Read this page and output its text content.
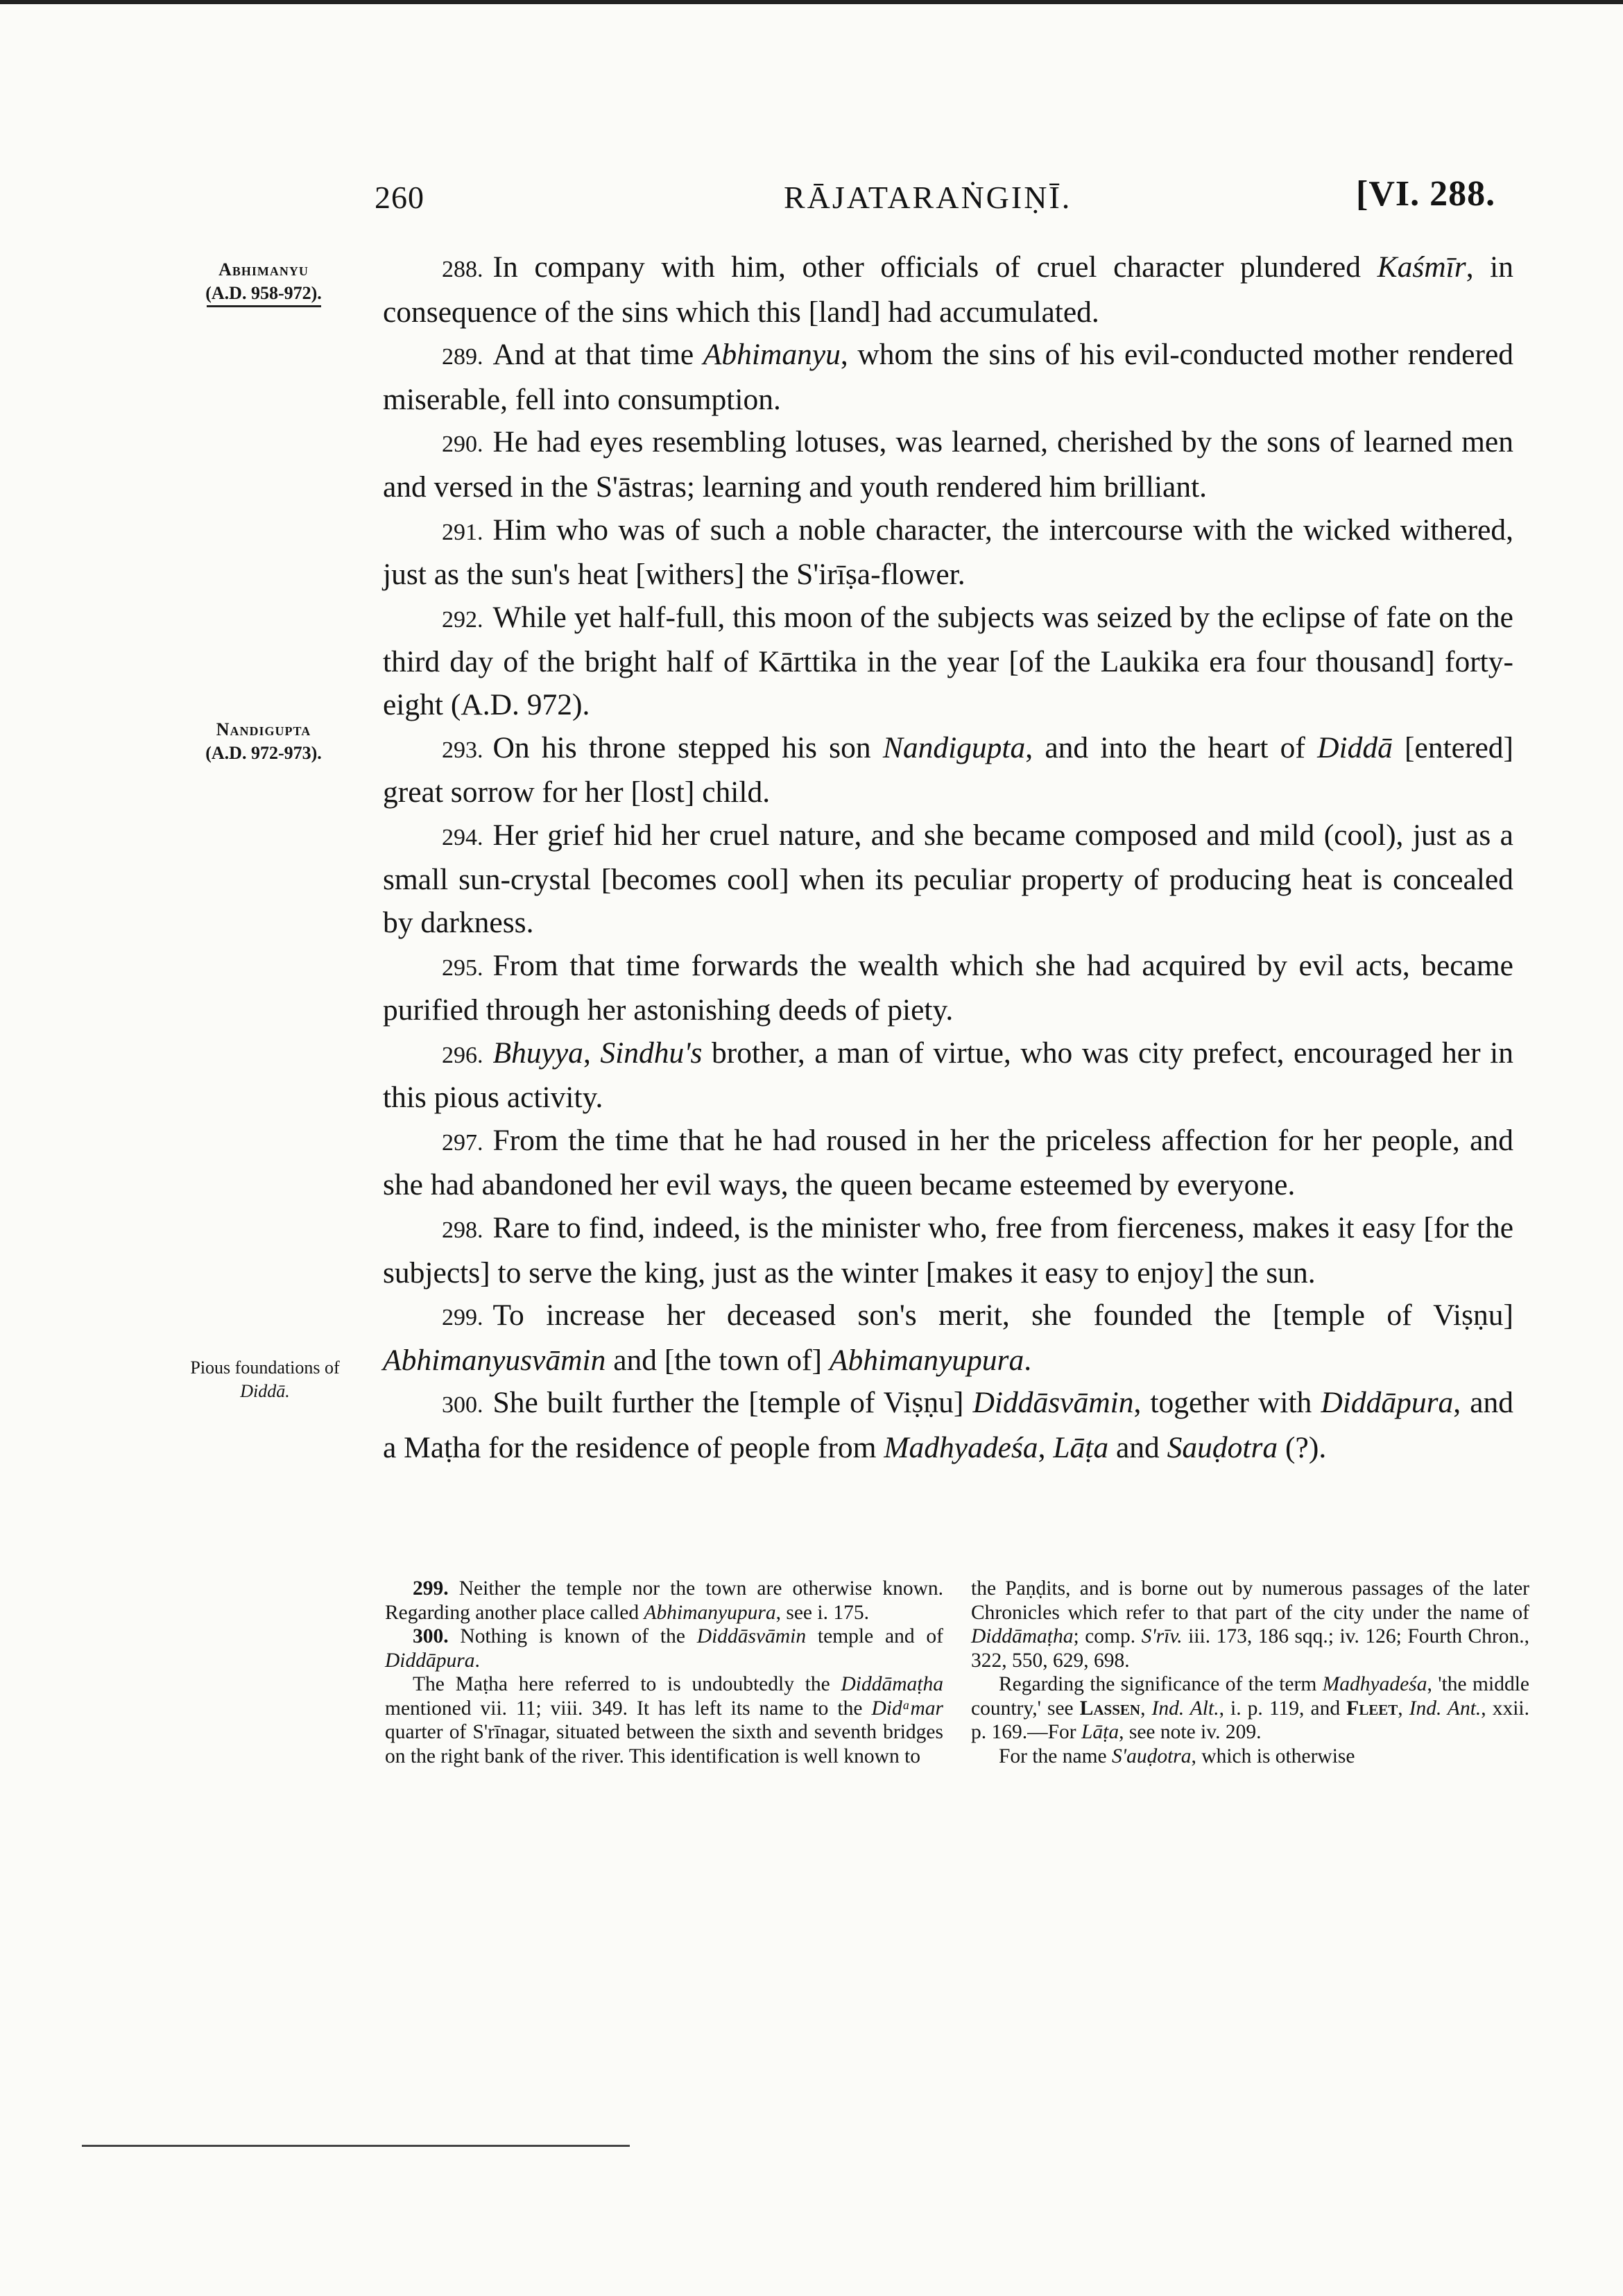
260	RĀJATARAṄGIṆĪ.	[VI. 288.
Abhimanyu
(A.D. 958-972).
Nandigupta
(A.D. 972-973).
Pious foundations of
Diddā.

288. In company with him, other officials of cruel character plundered Kaśmīr, in consequence of the sins which this [land] had accumulated.

289. And at that time Abhimanyu, whom the sins of his evil-conducted mother rendered miserable, fell into consumption.

290. He had eyes resembling lotuses, was learned, cherished by the sons of learned men and versed in the S'āstras; learning and youth rendered him brilliant.

291. Him who was of such a noble character, the intercourse with the wicked withered, just as the sun's heat [withers] the S'irīṣa-flower.

292. While yet half-full, this moon of the subjects was seized by the eclipse of fate on the third day of the bright half of Kārttika in the year [of the Laukika era four thousand] forty-eight (A.D. 972).

293. On his throne stepped his son Nandigupta, and into the heart of Diddā [entered] great sorrow for her [lost] child.

294. Her grief hid her cruel nature, and she became composed and mild (cool), just as a small sun-crystal [becomes cool] when its peculiar property of producing heat is concealed by darkness.

295. From that time forwards the wealth which she had acquired by evil acts, became purified through her astonishing deeds of piety.

296. Bhuyya, Sindhu's brother, a man of virtue, who was city prefect, encouraged her in this pious activity.

297. From the time that he had roused in her the priceless affection for her people, and she had abandoned her evil ways, the queen became esteemed by everyone.

298. Rare to find, indeed, is the minister who, free from fierceness, makes it easy [for the subjects] to serve the king, just as the winter [makes it easy to enjoy] the sun.

299. To increase her deceased son's merit, she founded the [temple of Viṣṇu] Abhimanyusvāmin and [the town of] Abhimanyupura.

300. She built further the [temple of Viṣṇu] Diddāsvāmin, together with Diddāpura, and a Maṭha for the residence of people from Madhyadeśa, Lāṭa and Sauḍotra (?).

299. Neither the temple nor the town are otherwise known. Regarding another place called Abhimanyupura, see i. 175.

300. Nothing is known of the Diddāsvāmin temple and of Diddāpura.

The Maṭha here referred to is undoubtedly the Diddāmaṭha mentioned vii. 11; viii. 349. It has left its name to the Didᵃmar quarter of S'rīnagar, situated between the sixth and seventh bridges on the right bank of the river. This identification is well known to

the Paṇḍits, and is borne out by numerous passages of the later Chronicles which refer to that part of the city under the name of Diddāmaṭha; comp. S'rīv. iii. 173, 186 sqq.; iv. 126; Fourth Chron., 322, 550, 629, 698.

Regarding the significance of the term Madhyadeśa, 'the middle country,' see Lassen, Ind. Alt., i. p. 119, and Fleet, Ind. Ant., xxii. p. 169.—For Lāṭa, see note iv. 209.

For the name S'auḍotra, which is otherwise
